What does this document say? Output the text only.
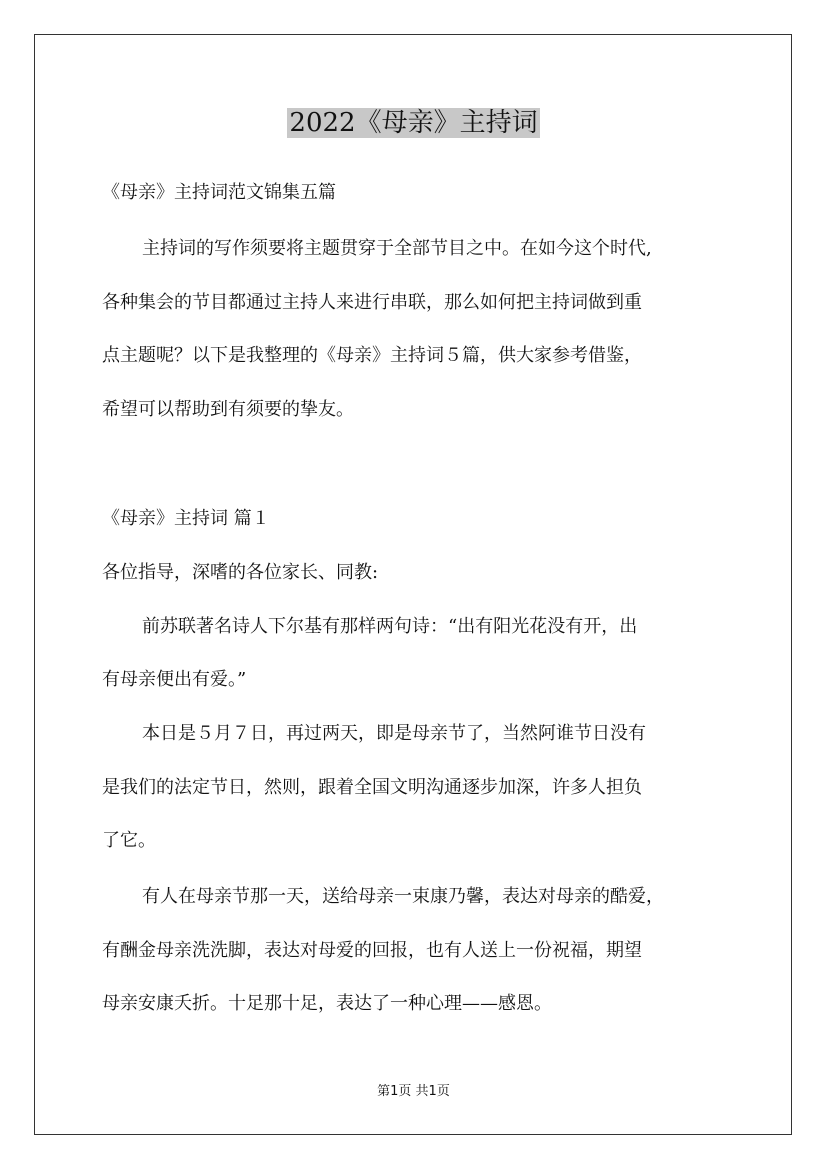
2022《母亲》主持词
《母亲》主持词范文锦集五篇
主持词的写作须要将主题贯穿于全部节目之中。在如今这个时代,
各种集会的节目都通过主持人来进行串联，那么如何把主持词做到重
点主题呢？以下是我整理的《母亲》主持词５篇，供大家参考借鉴，
希望可以帮助到有须要的挚友。
《母亲》主持词 篇１
各位指导，深嗜的各位家长、同教:
前苏联著名诗人下尔基有那样两句诗：“出有阳光花没有开，出
有母亲便出有爱。”
本日是５月７日，再过两天，即是母亲节了，当然阿谁节日没有
是我们的法定节日，然则，跟着全国文明沟通逐步加深，许多人担负
了它。
有人在母亲节那一天，送给母亲一束康乃馨，表达对母亲的酷爱，
有酬金母亲洗洗脚，表达对母爱的回报，也有人送上一份祝福，期望
母亲安康夭折。十足那十足，表达了一种心理——感恩。
第1页 共1页
